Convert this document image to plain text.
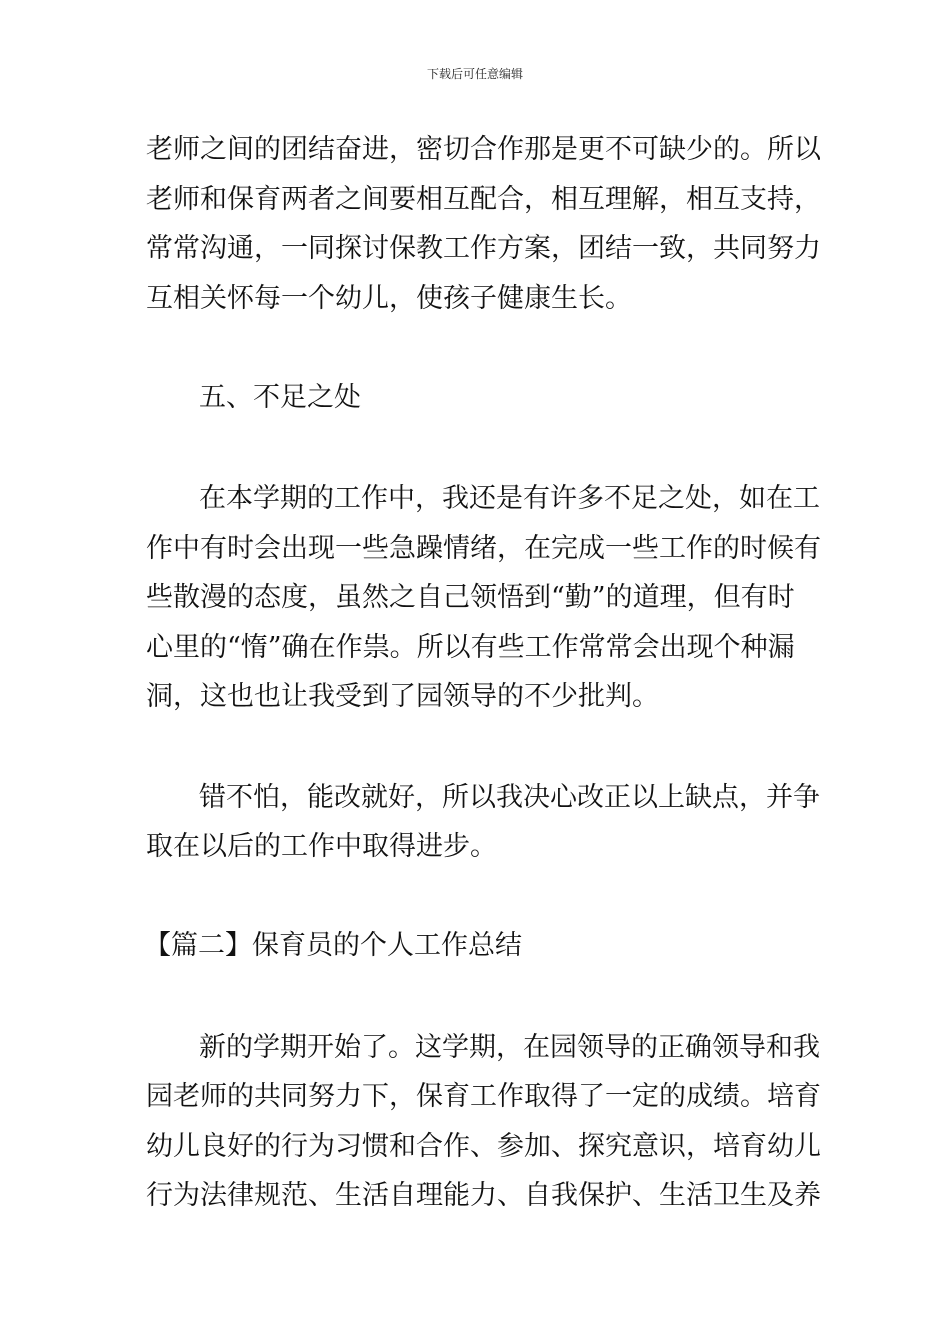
下载后可任意编辑
老师之间的团结奋进，密切合作那是更不可缺少的。所以
老师和保育两者之间要相互配合，相互理解，相互支持，
常常沟通，一同探讨保教工作方案，团结一致，共同努力
互相关怀每一个幼儿，使孩子健康生长。
五、不足之处
在本学期的工作中，我还是有许多不足之处，如在工
作中有时会出现一些急躁情绪，在完成一些工作的时候有
些散漫的态度，虽然之自己领悟到“勤”的道理，但有时
心里的“惰”确在作祟。所以有些工作常常会出现个种漏
洞，这也也让我受到了园领导的不少批判。
错不怕，能改就好，所以我决心改正以上缺点，并争
取在以后的工作中取得进步。
【篇二】保育员的个人工作总结
新的学期开始了。这学期，在园领导的正确领导和我
园老师的共同努力下，保育工作取得了一定的成绩。培育
幼儿良好的行为习惯和合作、参加、探究意识，培育幼儿
行为法律规范、生活自理能力、自我保护、生活卫生及养
